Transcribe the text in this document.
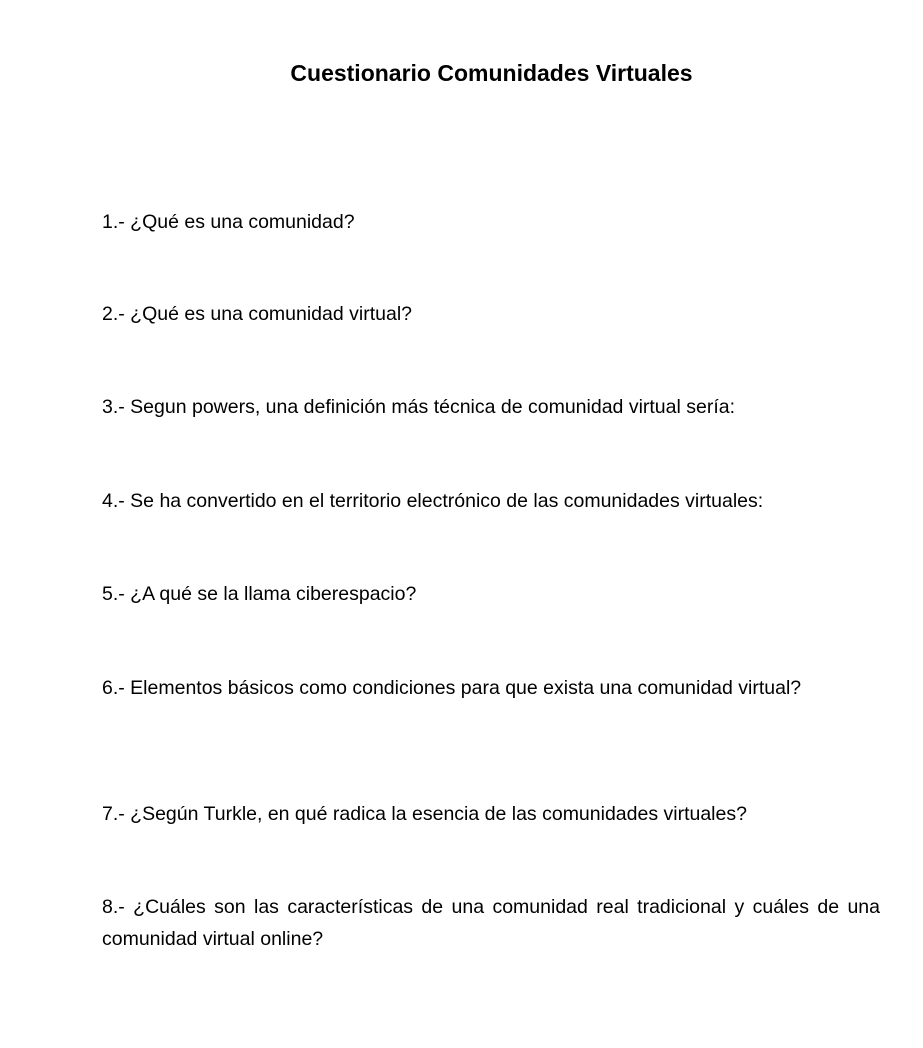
Cuestionario Comunidades Virtuales

1.- ¿Qué es una comunidad?

2.- ¿Qué es una comunidad virtual?

3.- Segun powers, una definición más técnica de comunidad virtual sería:

4.- Se ha convertido en el territorio electrónico de las comunidades virtuales:

5.- ¿A qué se la llama ciberespacio?

6.- Elementos básicos como condiciones para que exista una comunidad virtual?

7.- ¿Según Turkle, en qué radica la esencia de las comunidades virtuales?

8.- ¿Cuáles son las características de una comunidad real tradicional y cuáles de una comunidad virtual online?
